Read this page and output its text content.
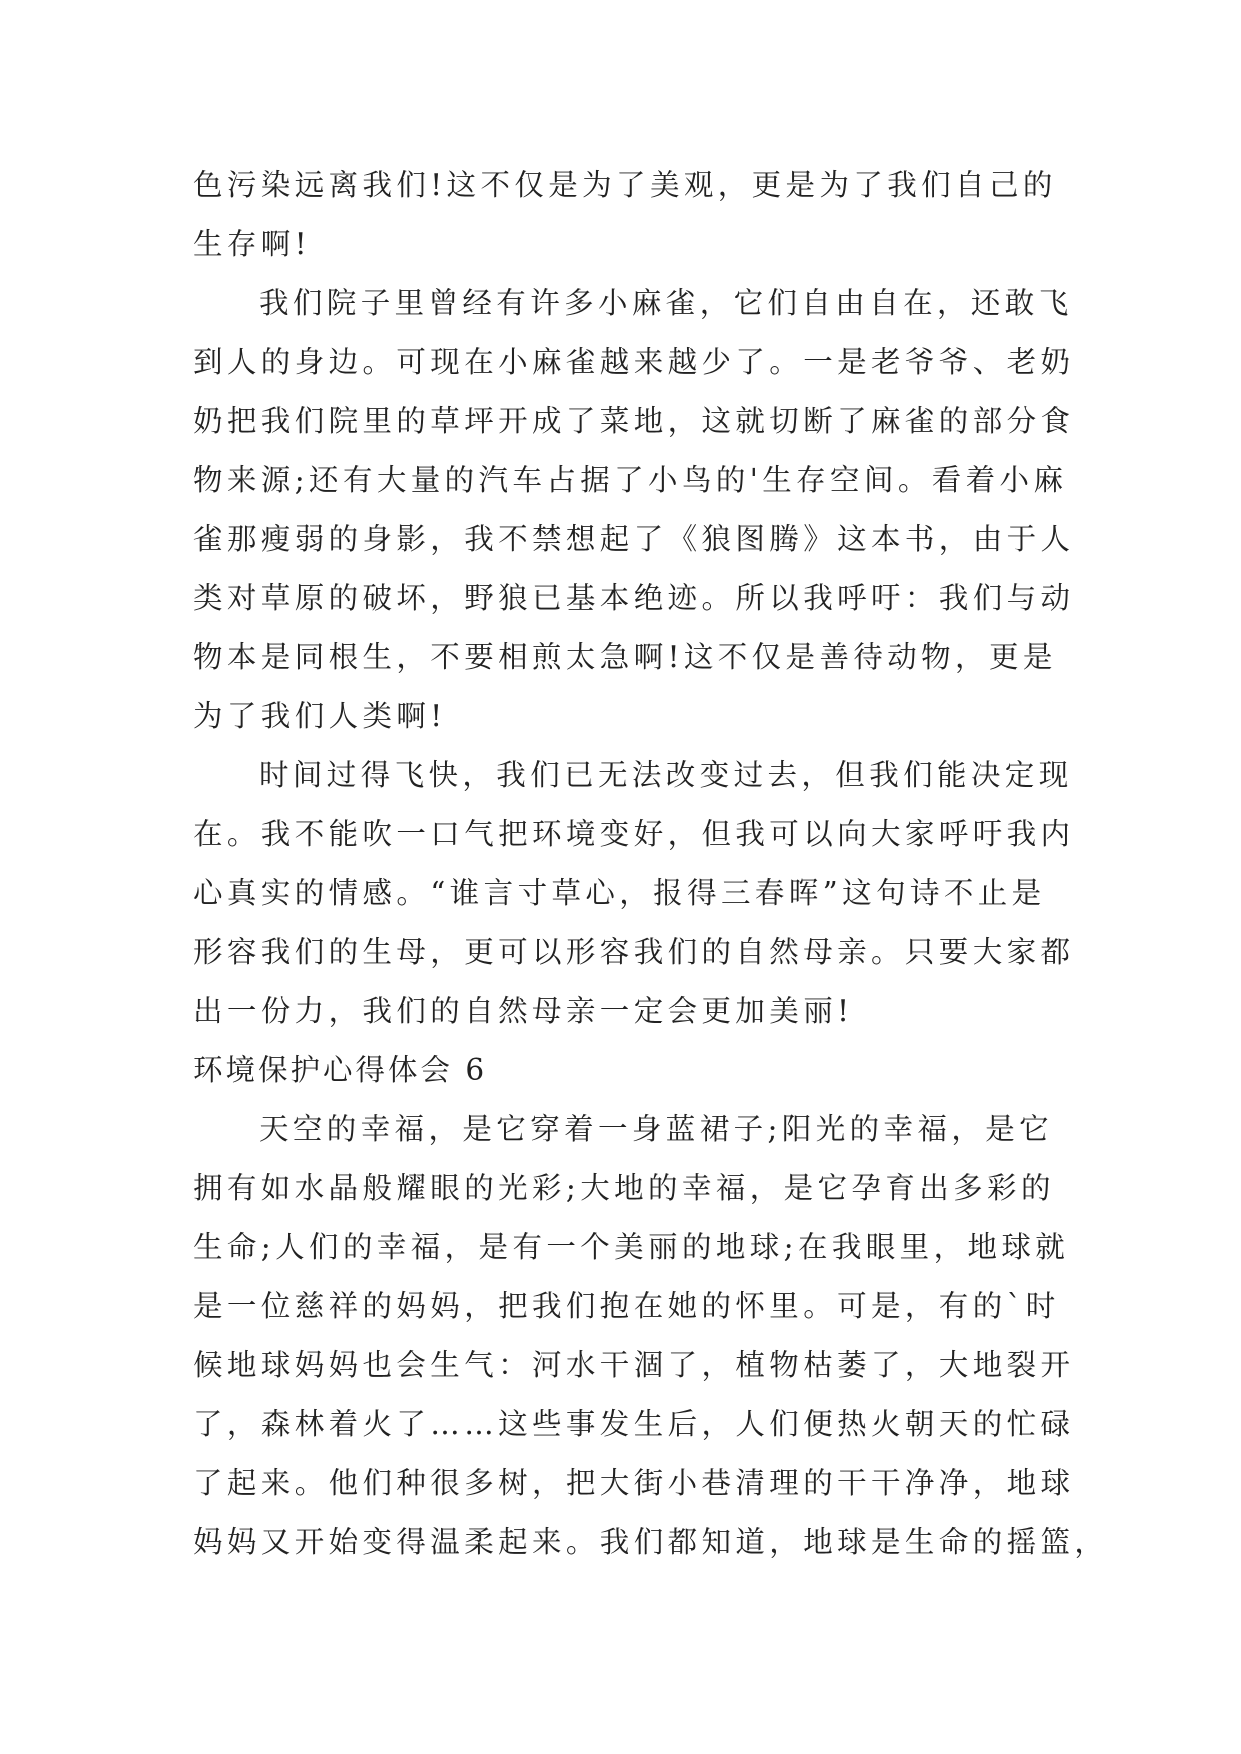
色污染远离我们!这不仅是为了美观，更是为了我们自己的
生存啊!
我们院子里曾经有许多小麻雀，它们自由自在，还敢飞
到人的身边。可现在小麻雀越来越少了。一是老爷爷、老奶
奶把我们院里的草坪开成了菜地，这就切断了麻雀的部分食
物来源;还有大量的汽车占据了小鸟的'生存空间。看着小麻
雀那瘦弱的身影，我不禁想起了《狼图腾》这本书，由于人
类对草原的破坏，野狼已基本绝迹。所以我呼吁：我们与动
物本是同根生，不要相煎太急啊!这不仅是善待动物，更是
为了我们人类啊!
时间过得飞快，我们已无法改变过去，但我们能决定现
在。我不能吹一口气把环境变好，但我可以向大家呼吁我内
心真实的情感。“谁言寸草心，报得三春晖”这句诗不止是
形容我们的生母，更可以形容我们的自然母亲。只要大家都
出一份力，我们的自然母亲一定会更加美丽!
环境保护心得体会 6
天空的幸福，是它穿着一身蓝裙子;阳光的幸福，是它
拥有如水晶般耀眼的光彩;大地的幸福，是它孕育出多彩的
生命;人们的幸福，是有一个美丽的地球;在我眼里，地球就
是一位慈祥的妈妈，把我们抱在她的怀里。可是，有的`时
候地球妈妈也会生气：河水干涸了，植物枯萎了，大地裂开
了，森林着火了……这些事发生后，人们便热火朝天的忙碌
了起来。他们种很多树，把大街小巷清理的干干净净，地球
妈妈又开始变得温柔起来。我们都知道，地球是生命的摇篮，
